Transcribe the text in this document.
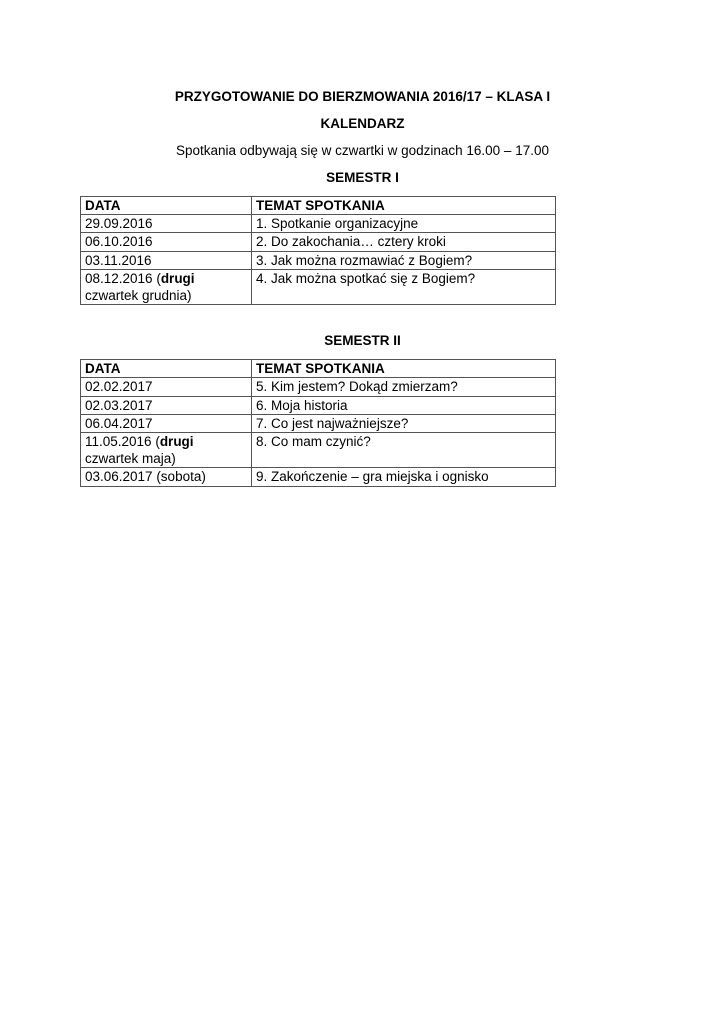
PRZYGOTOWANIE DO BIERZMOWANIA 2016/17 – KLASA I

KALENDARZ

Spotkania odbywają się w czwartki w godzinach 16.00 – 17.00

SEMESTR I

DATA	TEMAT SPOTKANIA
29.09.2016	1. Spotkanie organizacyjne
06.10.2016	2. Do zakochania… cztery kroki
03.11.2016	3. Jak można rozmawiać z Bogiem?
08.12.2016 (drugi czwartek grudnia)	4. Jak można spotkać się z Bogiem?

SEMESTR II

DATA	TEMAT SPOTKANIA
02.02.2017	5. Kim jestem? Dokąd zmierzam?
02.03.2017	6. Moja historia
06.04.2017	7. Co jest najważniejsze?
11.05.2016 (drugi czwartek maja)	8. Co mam czynić?
03.06.2017 (sobota)	9. Zakończenie – gra miejska i ognisko
